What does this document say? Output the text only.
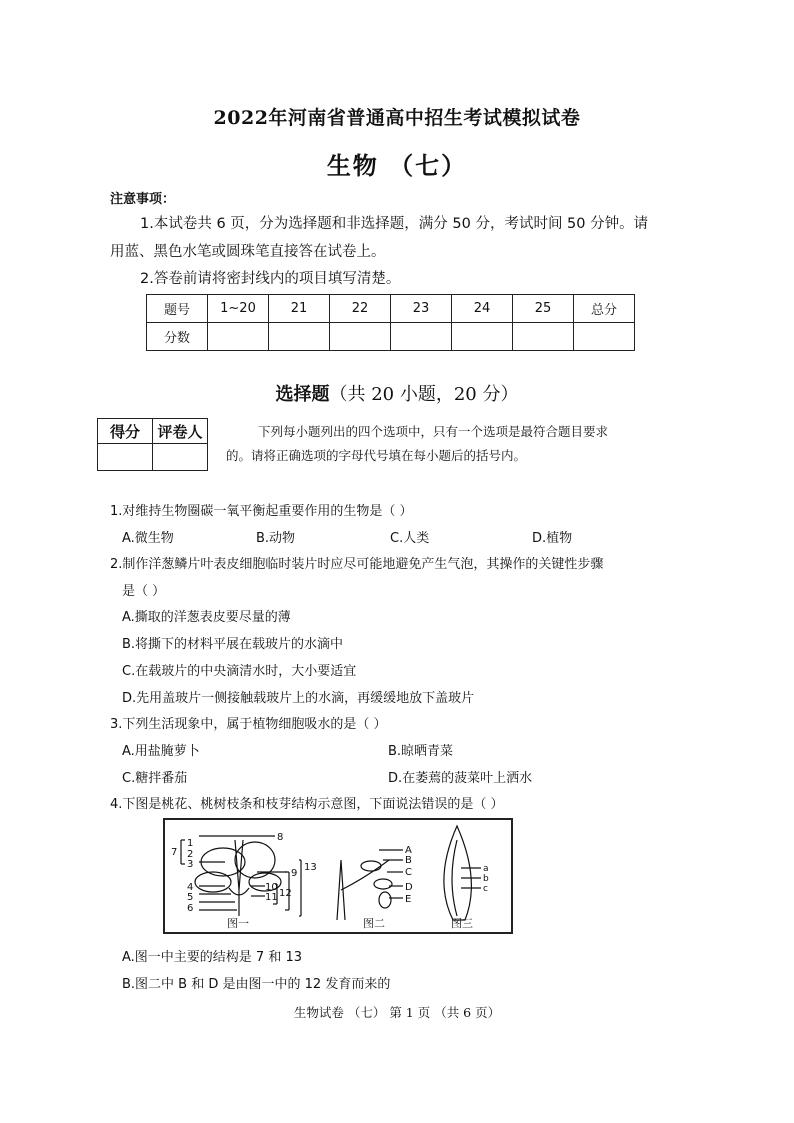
2022年河南省普通高中招生考试模拟试卷
生物 （七）
注意事项：
1.本试卷共 6 页，分为选择题和非选择题，满分 50 分，考试时间 50 分钟。请
用蓝、黑色水笔或圆珠笔直接答在试卷上。
2.答卷前请将密封线内的项目填写清楚。
题号	1~20	21	22	23	24	25	总分
分数							
选择题（共 20 小题，20 分）
得分	评卷人
		下列每小题列出的四个选项中，只有一个选项是最符合题目要求
的。请将正确选项的字母代号填在每小题后的括号内。
1.对维持生物圈碳一氧平衡起重要作用的生物是（ ）
A.微生物	B.动物	C.人类	D.植物
2.制作洋葱鳞片叶表皮细胞临时装片时应尽可能地避免产生气泡，其操作的关键性步骤
是（ ）
A.撕取的洋葱表皮要尽量的薄
B.将撕下的材料平展在载玻片的水滴中
C.在载玻片的中央滴清水时，大小要适宜
D.先用盖玻片一侧接触载玻片上的水滴，再缓缓地放下盖玻片
3.下列生活现象中，属于植物细胞吸水的是（ ）
A.用盐腌萝卜	B.晾晒青菜
C.糖拌番茄	D.在萎蔫的菠菜叶上洒水
4.下图是桃花、桃树枝条和枝芽结构示意图，下面说法错误的是（ ）
1
2
3
4
5
6
7
8
9
10
11 12
13
图一
A
B
C
D
E
图二
a
b
c
图三
A.图一中主要的结构是 7 和 13
B.图二中 B 和 D 是由图一中的 12 发育而来的
生物试卷 （七） 第 1 页 （共 6 页）
